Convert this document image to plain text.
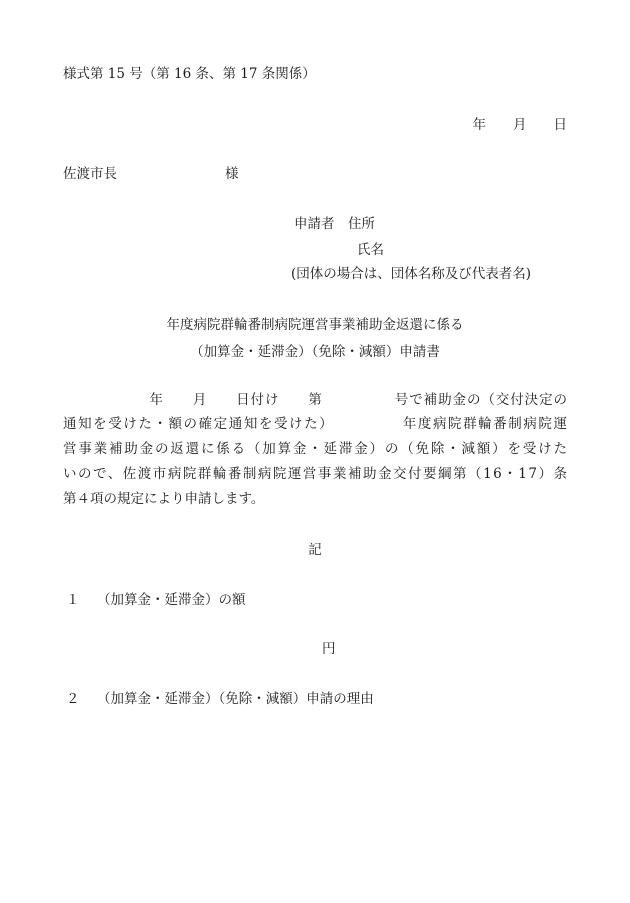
様式第 15 号（第 16 条、第 17 条関係）
年　　月　　日
佐渡市長　　　　　　　　様
申請者　住所
氏名
(団体の場合は、団体名称及び代表者名)
年度病院群輪番制病院運営事業補助金返還に係る
（加算金・延滞金）（免除・減額）申請書
　　　　　　年　　月　　日付け　　第　　　　　号で補助金の（交付決定の
通知を受けた・額の確定通知を受けた）　　　　　年度病院群輪番制病院運
営事業補助金の返還に係る（加算金・延滞金）の（免除・減額）を受けた
いので、佐渡市病院群輪番制病院運営事業補助金交付要綱第（16・17）条
第４項の規定により申請します。
記
１ （加算金・延滞金）の額
円
２ （加算金・延滞金）（免除・減額）申請の理由
